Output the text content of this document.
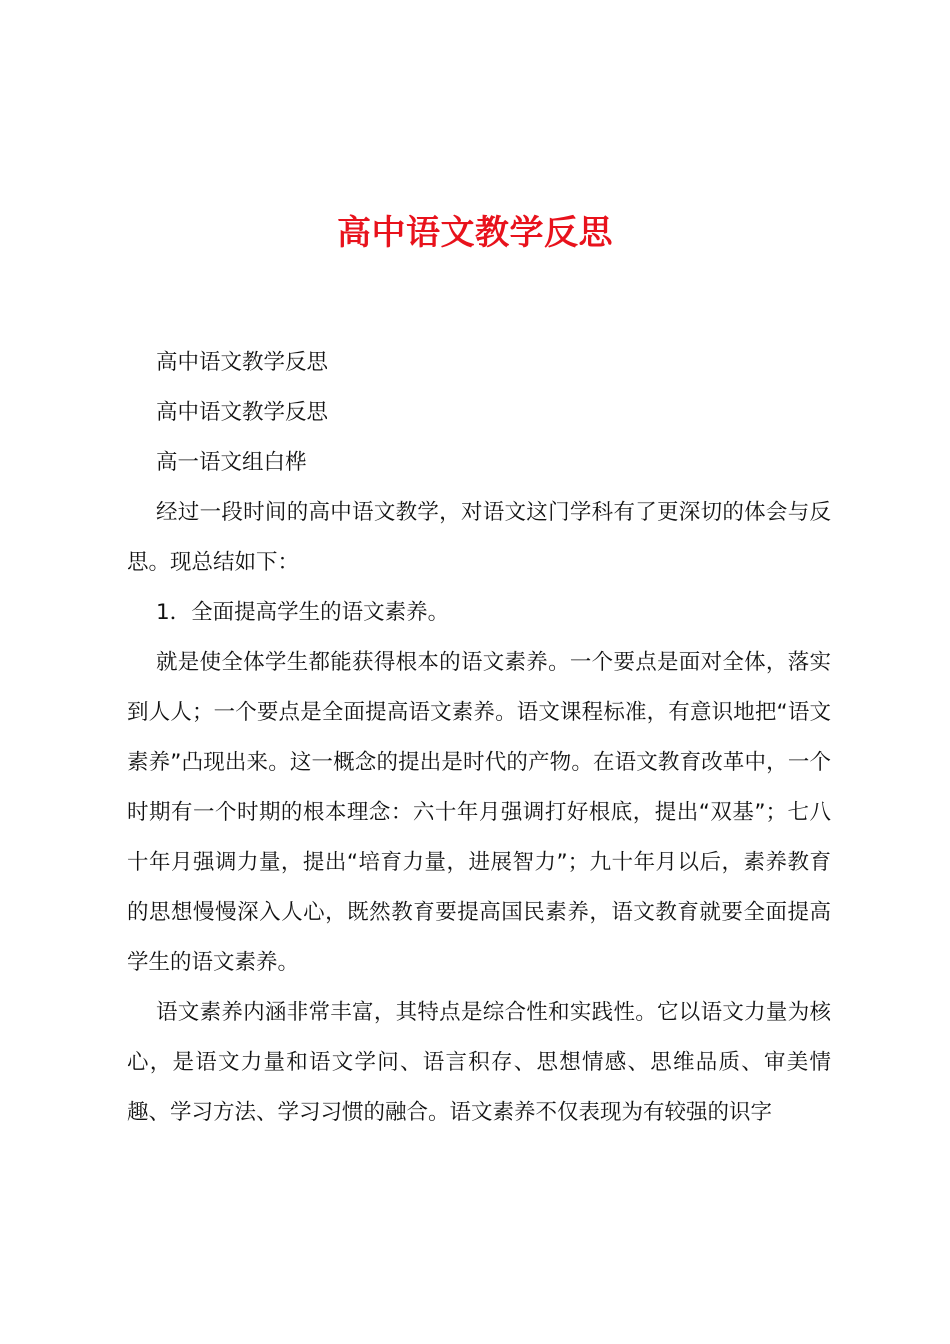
高中语文教学反思

高中语文教学反思

高中语文教学反思

高一语文组白桦

经过一段时间的高中语文教学，对语文这门学科有了更深切的体会与反思。现总结如下：

1．全面提高学生的语文素养。

就是使全体学生都能获得根本的语文素养。一个要点是面对全体，落实到人人；一个要点是全面提高语文素养。语文课程标准，有意识地把“语文素养”凸现出来。这一概念的提出是时代的产物。在语文教育改革中，一个时期有一个时期的根本理念：六十年月强调打好根底，提出“双基”；七八十年月强调力量，提出“培育力量，进展智力”；九十年月以后，素养教育的思想慢慢深入人心，既然教育要提高国民素养，语文教育就要全面提高学生的语文素养。

语文素养内涵非常丰富，其特点是综合性和实践性。它以语文力量为核心，是语文力量和语文学问、语言积存、思想情感、思维品质、审美情趣、学习方法、学习习惯的融合。语文素养不仅表现为有较强的识字
